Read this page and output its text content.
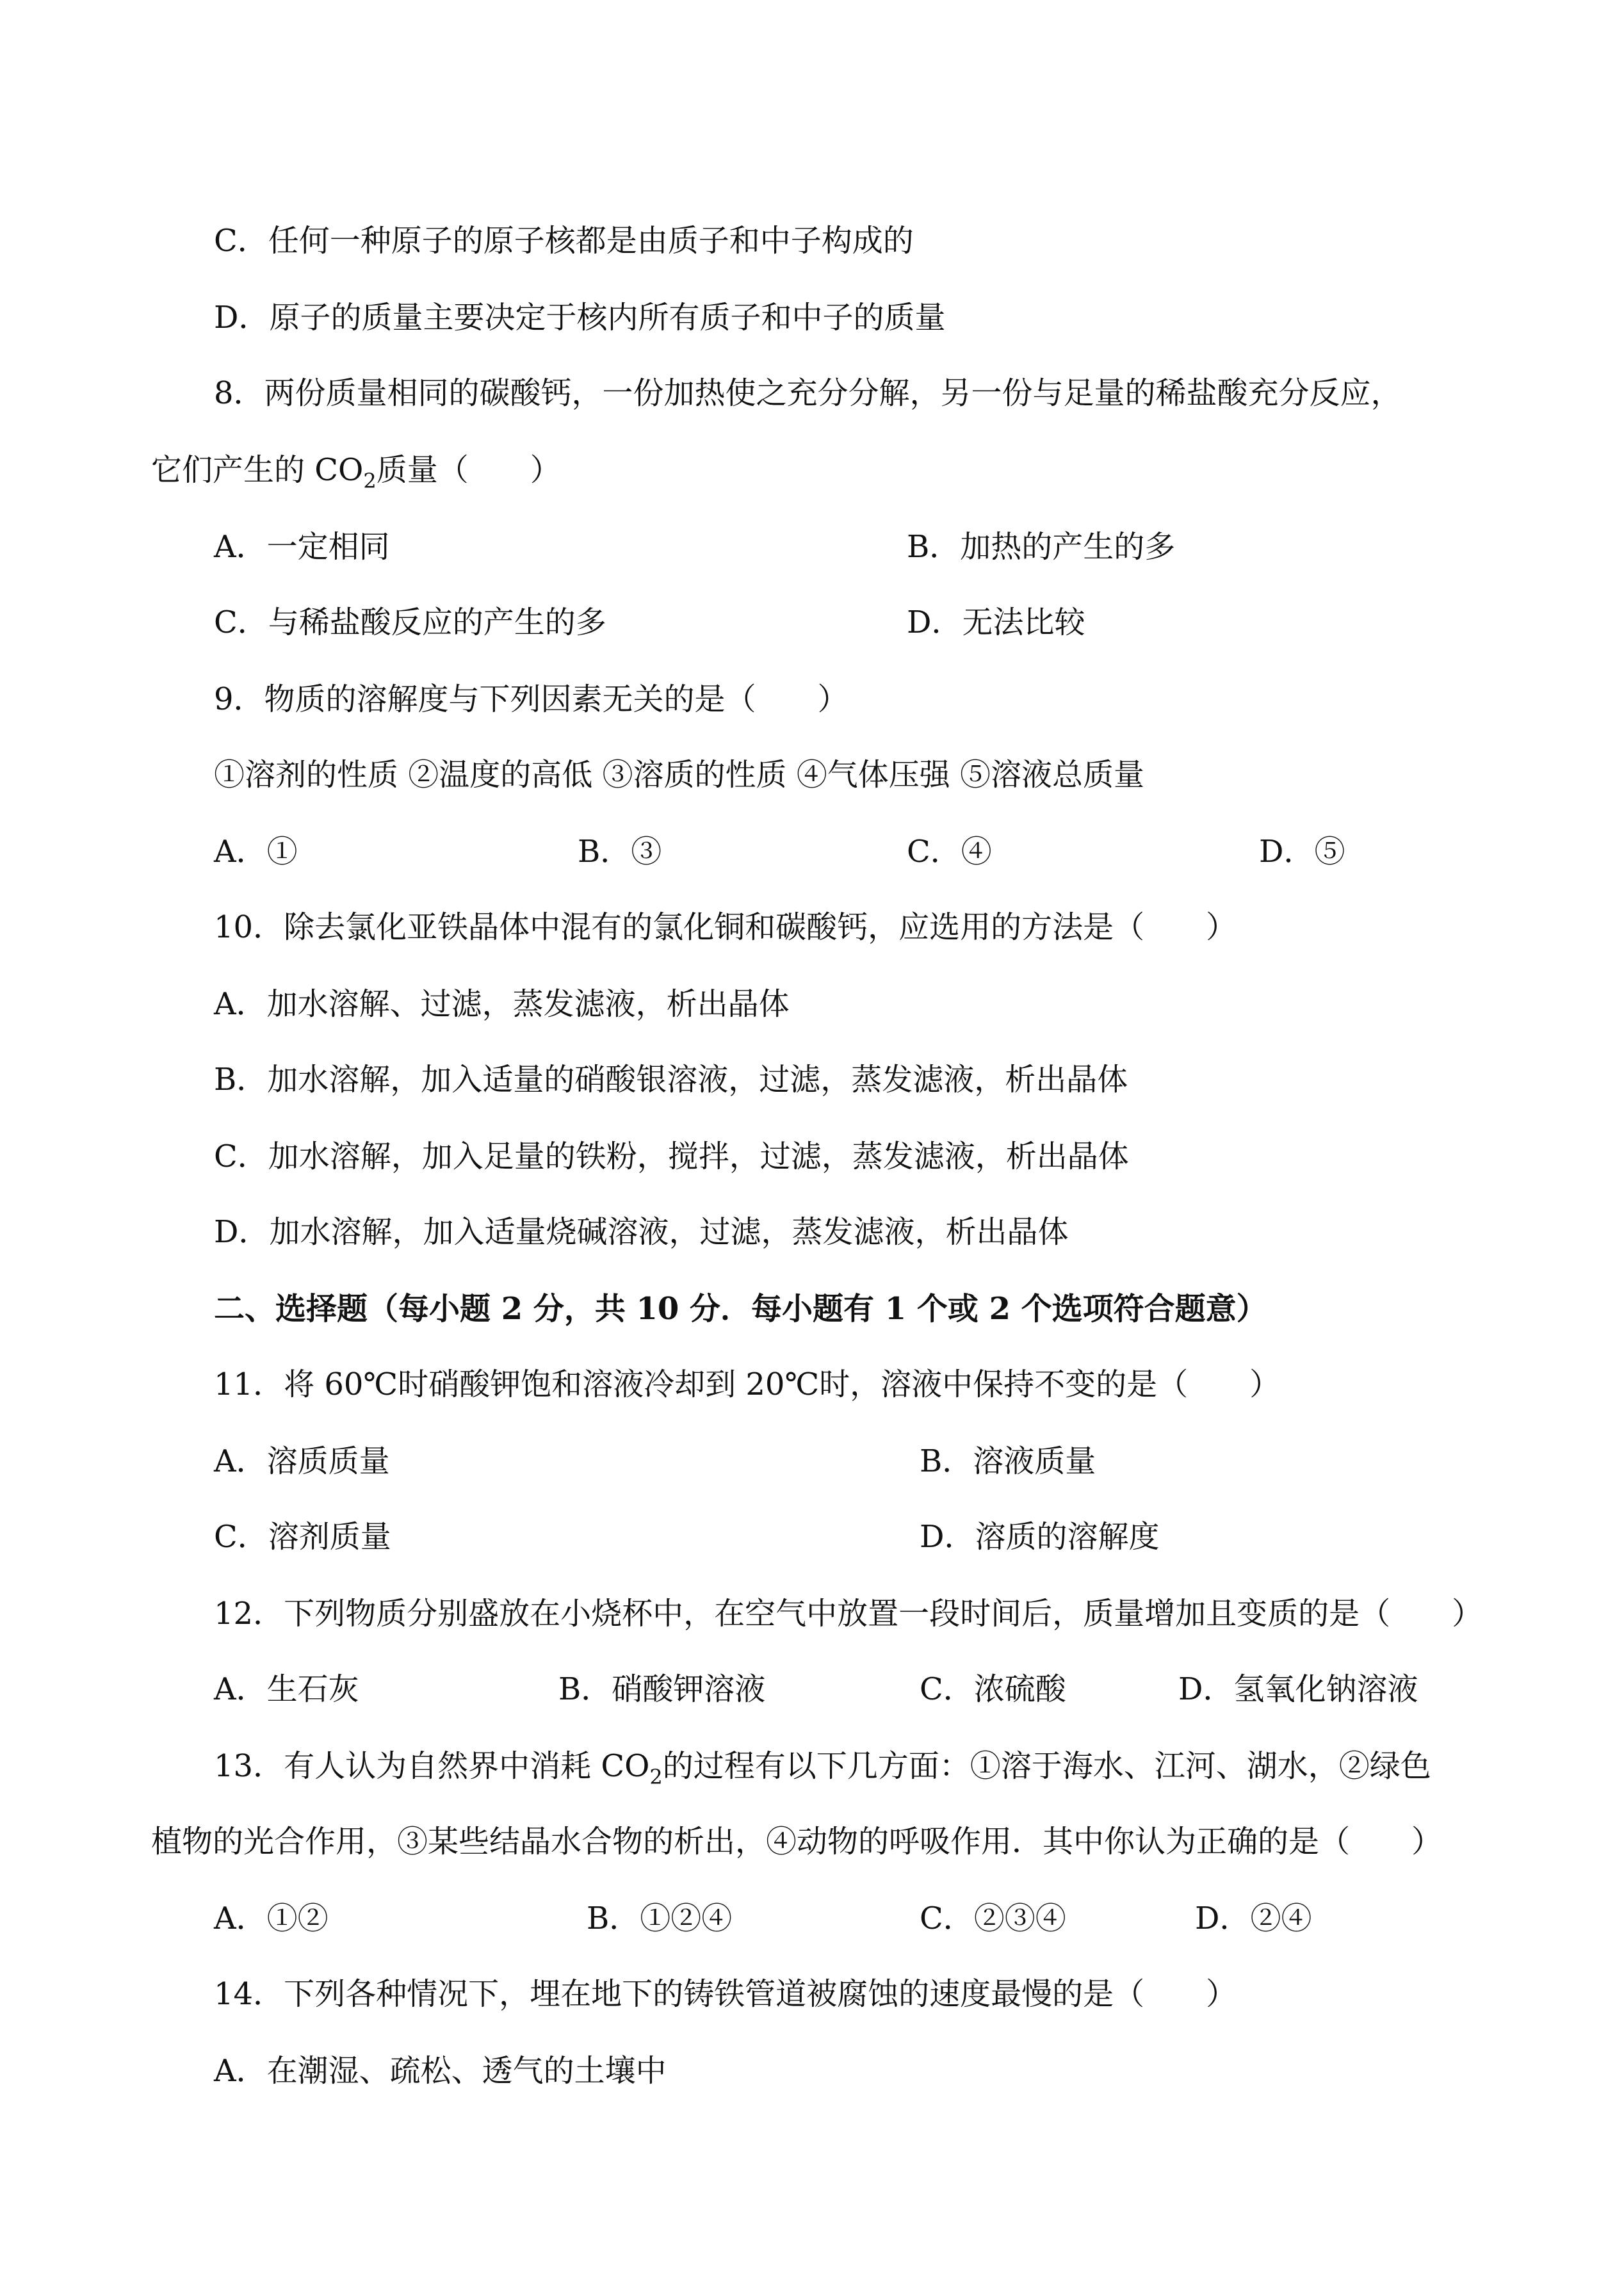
C．任何一种原子的原子核都是由质子和中子构成的
D．原子的质量主要决定于核内所有质子和中子的质量
8．两份质量相同的碳酸钙，一份加热使之充分分解，另一份与足量的稀盐酸充分反应，
它们产生的 $CO_2$质量（　　）
A．一定相同	B．加热的产生的多
C．与稀盐酸反应的产生的多	D．无法比较
9．物质的溶解度与下列因素无关的是（　　）
①溶剂的性质 ②温度的高低 ③溶质的性质 ④气体压强 ⑤溶液总质量
A．①	B．③	C．④	D．⑤
10．除去氯化亚铁晶体中混有的氯化铜和碳酸钙，应选用的方法是（　　）
A．加水溶解、过滤，蒸发滤液，析出晶体
B．加水溶解，加入适量的硝酸银溶液，过滤，蒸发滤液，析出晶体
C．加水溶解，加入足量的铁粉，搅拌，过滤，蒸发滤液，析出晶体
D．加水溶解，加入适量烧碱溶液，过滤，蒸发滤液，析出晶体
二、选择题（每小题 2 分，共 10 分．每小题有 1 个或 2 个选项符合题意）
11．将 60℃时硝酸钾饱和溶液冷却到 20℃时，溶液中保持不变的是（　　）
A．溶质质量	B．溶液质量
C．溶剂质量	D．溶质的溶解度
12．下列物质分别盛放在小烧杯中，在空气中放置一段时间后，质量增加且变质的是（　　）
A．生石灰	B．硝酸钾溶液	C．浓硫酸	D．氢氧化钠溶液
13．有人认为自然界中消耗 $CO_2$的过程有以下几方面：①溶于海水、江河、湖水，②绿色
植物的光合作用，③某些结晶水合物的析出，④动物的呼吸作用．其中你认为正确的是（　　）
A．①②	B．①②④	C．②③④	D．②④
14．下列各种情况下，埋在地下的铸铁管道被腐蚀的速度最慢的是（　　）
A．在潮湿、疏松、透气的土壤中
